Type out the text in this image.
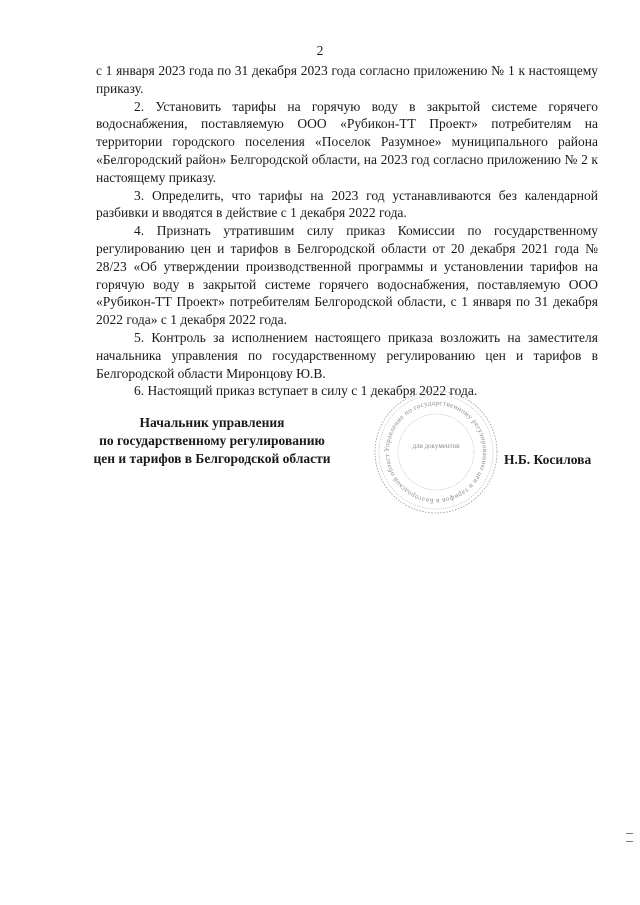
2

с 1 января 2023 года по 31 декабря 2023 года согласно приложению № 1 к настоящему приказу.

2. Установить тарифы на горячую воду в закрытой системе горячего водоснабжения, поставляемую ООО «Рубикон-ТТ Проект» потребителям на территории городского поселения «Поселок Разумное» муниципального района «Белгородский район» Белгородской области, на 2023 год согласно приложению № 2 к настоящему приказу.

3. Определить, что тарифы на 2023 год устанавливаются без календарной разбивки и вводятся в действие с 1 декабря 2022 года.

4. Признать утратившим силу приказ Комиссии по государственному регулированию цен и тарифов в Белгородской области от 20 декабря 2021 года № 28/23 «Об утверждении производственной программы и установлении тарифов на горячую воду в закрытой системе горячего водоснабжения, поставляемую ООО «Рубикон-ТТ Проект» потребителям Белгородской области, с 1 января по 31 декабря 2022 года» с 1 декабря 2022 года.

5. Контроль за исполнением настоящего приказа возложить на заместителя начальника управления по государственному регулированию цен и тарифов в Белгородской области Миронцову Ю.В.

6. Настоящий приказ вступает в силу с 1 декабря 2022 года.

Начальник управления
по государственному регулированию
цен и тарифов в Белгородской области
Управление по государственному регулированию цен и тарифов в Белгородской област
для документов
Н.Б. Косилова
